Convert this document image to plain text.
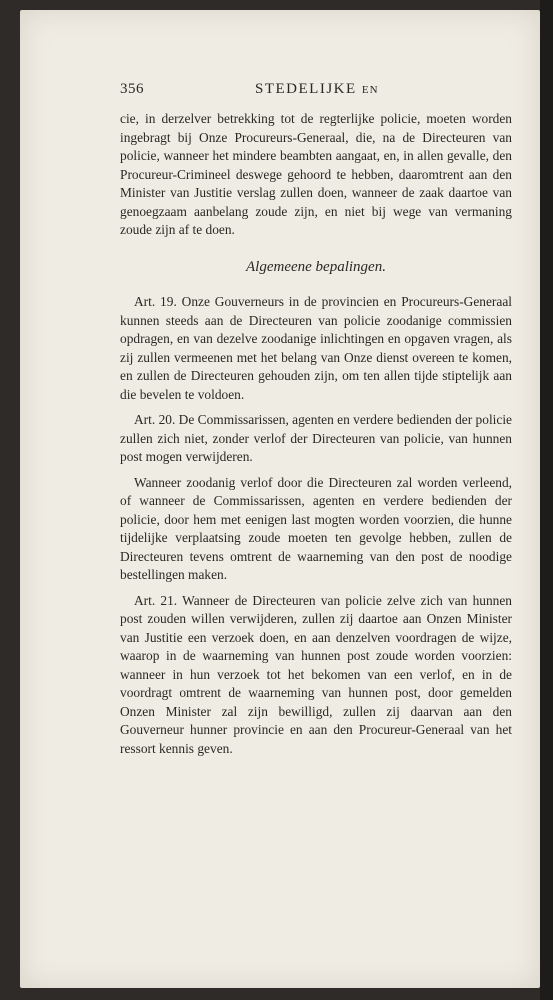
356	STEDELIJKE EN

cie, in derzelver betrekking tot de regterlijke policie, moeten worden ingebragt bij Onze Procureurs-Generaal, die, na de Directeuren van policie, wanneer het mindere beambten aangaat, en, in allen gevalle, den Procureur-Crimineel deswege gehoord te hebben, daaromtrent aan den Minister van Justitie verslag zullen doen, wanneer de zaak daartoe van genoegzaam aanbelang zoude zijn, en niet bij wege van vermaning zoude zijn af te doen.

Algemeene bepalingen.

Art. 19. Onze Gouverneurs in de provincien en Procureurs-Generaal kunnen steeds aan de Directeuren van policie zoodanige commissien opdragen, en van dezelve zoodanige inlichtingen en opgaven vragen, als zij zullen vermeenen met het belang van Onze dienst overeen te komen, en zullen de Directeuren gehouden zijn, om ten allen tijde stiptelijk aan die bevelen te voldoen.

Art. 20. De Commissarissen, agenten en verdere bedienden der policie zullen zich niet, zonder verlof der Directeuren van policie, van hunnen post mogen verwijderen.

Wanneer zoodanig verlof door die Directeuren zal worden verleend, of wanneer de Commissarissen, agenten en verdere bedienden der policie, door hem met eenigen last mogten worden voorzien, die hunne tijdelijke verplaatsing zoude moeten ten gevolge hebben, zullen de Directeuren tevens omtrent de waarneming van den post de noodige bestellingen maken.

Art. 21. Wanneer de Directeuren van policie zelve zich van hunnen post zouden willen verwijderen, zullen zij daartoe aan Onzen Minister van Justitie een verzoek doen, en aan denzelven voordragen de wijze, waarop in de waarneming van hunnen post zoude worden voorzien: wanneer in hun verzoek tot het bekomen van een verlof, en in de voordragt omtrent de waarneming van hunnen post, door gemelden Onzen Minister zal zijn bewilligd, zullen zij daarvan aan den Gouverneur hunner provincie en aan den Procureur-Generaal van het ressort kennis geven.
